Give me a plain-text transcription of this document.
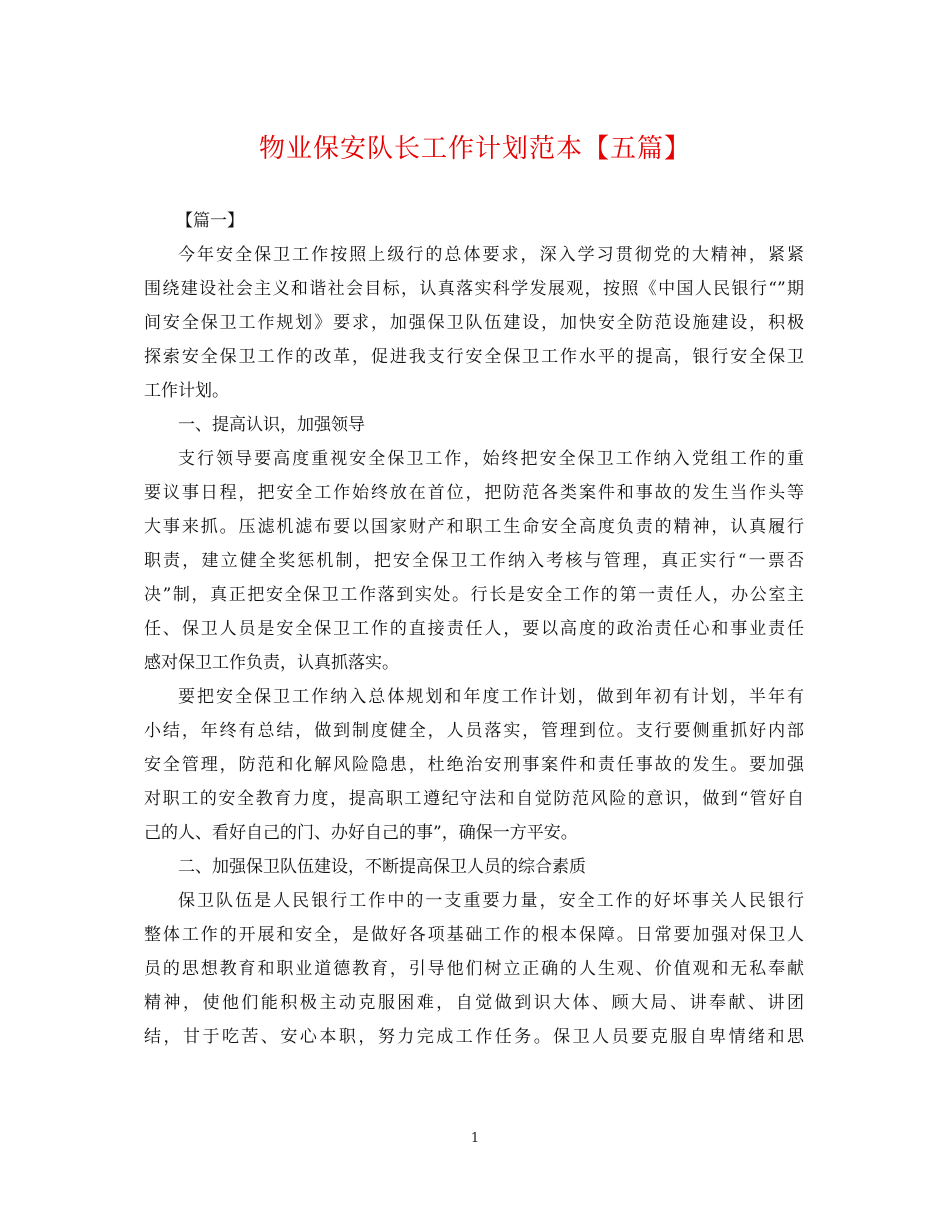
物业保安队长工作计划范本【五篇】
【篇一】
今年安全保卫工作按照上级行的总体要求，深入学习贯彻党的大精神，紧紧
围绕建设社会主义和谐社会目标，认真落实科学发展观，按照《中国人民银行“”期
间安全保卫工作规划》要求，加强保卫队伍建设，加快安全防范设施建设，积极
探索安全保卫工作的改革，促进我支行安全保卫工作水平的提高，银行安全保卫
工作计划。
一、提高认识，加强领导
支行领导要高度重视安全保卫工作，始终把安全保卫工作纳入党组工作的重
要议事日程，把安全工作始终放在首位，把防范各类案件和事故的发生当作头等
大事来抓。压滤机滤布要以国家财产和职工生命安全高度负责的精神，认真履行
职责，建立健全奖惩机制，把安全保卫工作纳入考核与管理，真正实行“一票否
决”制，真正把安全保卫工作落到实处。行长是安全工作的第一责任人，办公室主
任、保卫人员是安全保卫工作的直接责任人，要以高度的政治责任心和事业责任
感对保卫工作负责，认真抓落实。
要把安全保卫工作纳入总体规划和年度工作计划，做到年初有计划，半年有
小结，年终有总结，做到制度健全，人员落实，管理到位。支行要侧重抓好内部
安全管理，防范和化解风险隐患，杜绝治安刑事案件和责任事故的发生。要加强
对职工的安全教育力度，提高职工遵纪守法和自觉防范风险的意识，做到“管好自
己的人、看好自己的门、办好自己的事”，确保一方平安。
二、加强保卫队伍建设，不断提高保卫人员的综合素质
保卫队伍是人民银行工作中的一支重要力量，安全工作的好坏事关人民银行
整体工作的开展和安全，是做好各项基础工作的根本保障。日常要加强对保卫人
员的思想教育和职业道德教育，引导他们树立正确的人生观、价值观和无私奉献
精神，使他们能积极主动克服困难，自觉做到识大体、顾大局、讲奉献、讲团
结，甘于吃苦、安心本职，努力完成工作任务。保卫人员要克服自卑情绪和思
1
